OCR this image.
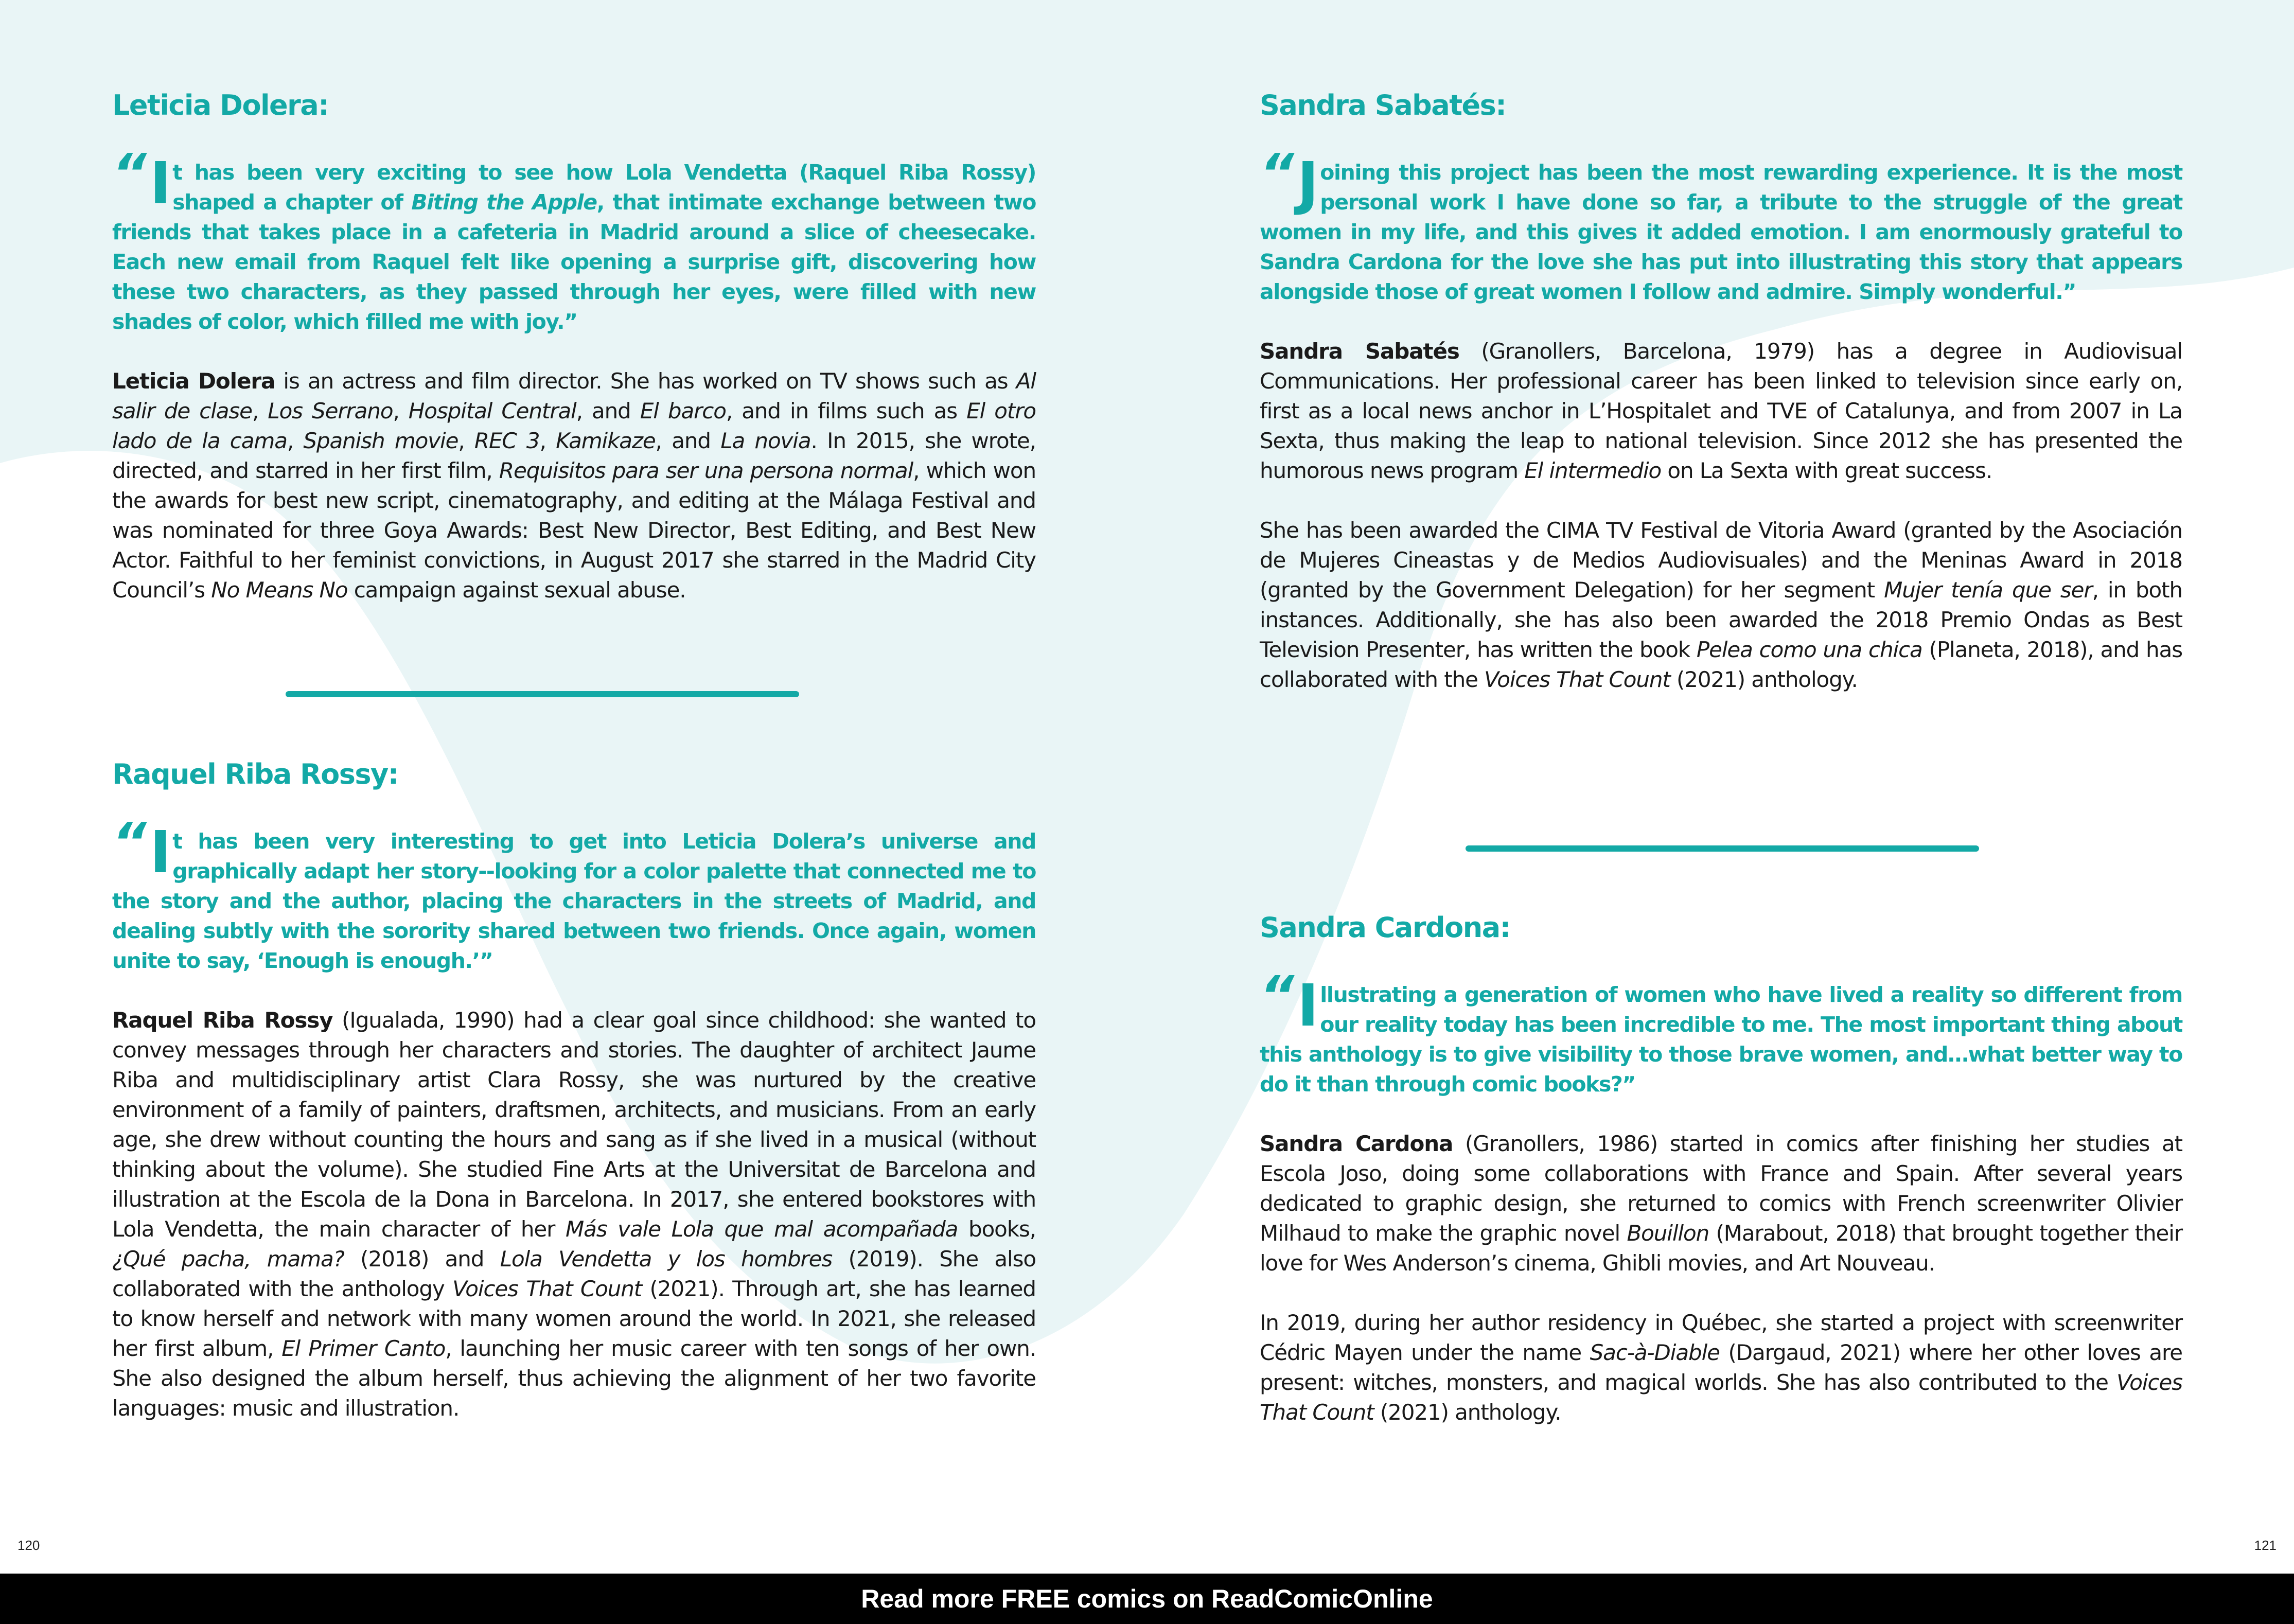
Leticia Dolera:
“ I t has been very exciting to see how Lola Vendetta (Raquel Riba Rossy) shaped a chapter of Biting the Apple, that intimate exchange between two friends that takes place in a cafeteria in Madrid around a slice of cheesecake. Each new email from Raquel felt like opening a surprise gift, discovering how these two characters, as they passed through her eyes, were filled with new shades of color, which filled me with joy.”

Leticia Dolera is an actress and film director. She has worked on TV shows such as Al salir de clase, Los Serrano, Hospital Central, and El barco, and in films such as El otro lado de la cama, Spanish movie, REC 3, Kamikaze, and La novia. In 2015, she wrote, directed, and starred in her first film, Requisitos para ser una persona normal, which won the awards for best new script, cinematography, and editing at the Málaga Festival and was nominated for three Goya Awards: Best New Director, Best Editing, and Best New Actor. Faithful to her feminist convictions, in August 2017 she starred in the Madrid City Council’s No Means No campaign against sexual abuse.

Raquel Riba Rossy:
“ I t has been very interesting to get into Leticia Dolera’s universe and graphically adapt her story--looking for a color palette that connected me to the story and the author, placing the characters in the streets of Madrid, and dealing subtly with the sorority shared between two friends. Once again, women unite to say, ‘Enough is enough.’”

Raquel Riba Rossy (Igualada, 1990) had a clear goal since childhood: she wanted to convey messages through her characters and stories. The daughter of architect Jaume Riba and multidisciplinary artist Clara Rossy, she was nurtured by the creative environment of a family of painters, draftsmen, architects, and musicians. From an early age, she drew without counting the hours and sang as if she lived in a musical (without thinking about the volume). She studied Fine Arts at the Universitat de Barcelona and illustration at the Escola de la Dona in Barcelona. In 2017, she entered bookstores with Lola Vendetta, the main character of her Más vale Lola que mal acompañada books, ¿Qué pacha, mama? (2018) and Lola Vendetta y los hombres (2019). She also collaborated with the anthology Voices That Count (2021). Through art, she has learned to know herself and network with many women around the world. In 2021, she released her first album, El Primer Canto, launching her music career with ten songs of her own. She also designed the album herself, thus achieving the alignment of her two favorite languages: music and illustration.

Sandra Sabatés:
“ J oining this project has been the most rewarding experience. It is the most personal work I have done so far, a tribute to the struggle of the great women in my life, and this gives it added emotion. I am enormously grateful to Sandra Cardona for the love she has put into illustrating this story that appears alongside those of great women I follow and admire. Simply wonderful.”

Sandra Sabatés (Granollers, Barcelona, 1979) has a degree in Audiovisual Communications. Her professional career has been linked to television since early on, first as a local news anchor in L’Hospitalet and TVE of Catalunya, and from 2007 in La Sexta, thus making the leap to national television. Since 2012 she has presented the humorous news program El intermedio on La Sexta with great success.

She has been awarded the CIMA TV Festival de Vitoria Award (granted by the Asociación de Mujeres Cineastas y de Medios Audiovisuales) and the Meninas Award in 2018 (granted by the Government Delegation) for her segment Mujer tenía que ser, in both instances. Additionally, she has also been awarded the 2018 Premio Ondas as Best Television Presenter, has written the book Pelea como una chica (Planeta, 2018), and has collaborated with the Voices That Count (2021) anthology.

Sandra Cardona:
“ I llustrating a generation of women who have lived a reality so different from our reality today has been incredible to me. The most important thing about this anthology is to give visibility to those brave women, and…what better way to do it than through comic books?”

Sandra Cardona (Granollers, 1986) started in comics after finishing her studies at Escola Joso, doing some collaborations with France and Spain. After several years dedicated to graphic design, she returned to comics with French screenwriter Olivier Milhaud to make the graphic novel Bouillon (Marabout, 2018) that brought together their love for Wes Anderson’s cinema, Ghibli movies, and Art Nouveau.

In 2019, during her author residency in Québec, she started a project with screenwriter Cédric Mayen under the name Sac-à-Diable (Dargaud, 2021) where her other loves are present: witches, monsters, and magical worlds. She has also contributed to the Voices That Count (2021) anthology.

120	121
Read more FREE comics on ReadComicOnline
